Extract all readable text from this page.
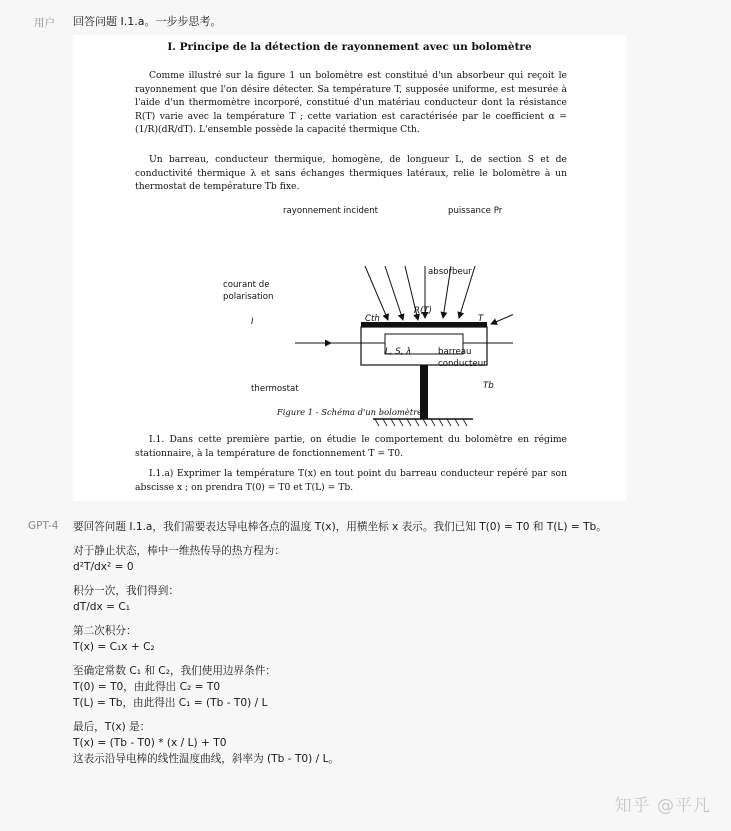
用户 回答问题 I.1.a。一步步思考。
I. Principe de la détection de rayonnement avec un bolomètre
Comme illustré sur la figure 1 un bolomètre est constitué d'un absorbeur qui reçoit le rayonnement que l'on désire détecter. Sa température T, supposée uniforme, est mesurée à l'aide d'un thermomètre incorporé, constitué d'un matériau conducteur dont la résistance R(T) varie avec la température T ; cette variation est caractérisée par le coefficient α = (1/R)(dR/dT). L'ensemble possède la capacité thermique Cth.
Un barreau, conducteur thermique, homogène, de longueur L, de section S et de conductivité thermique λ et sans échanges thermiques latéraux, relie le bolomètre à un thermostat de température Tb fixe.
rayonnement incident	puissance Pr
absorbeur
courant de
polarisation
I	Cth
R(T)
T
L, S, λ	barreau
conducteur
thermostat	Tb
Figure 1 - Schéma d'un bolomètre
I.1. Dans cette première partie, on étudie le comportement du bolomètre en régime stationnaire, à la température de fonctionnement T = T0.
I.1.a) Exprimer la température T(x) en tout point du barreau conducteur repéré par son abscisse x ; on prendra T(0) = T0 et T(L) = Tb.
GPT-4 要回答问题 I.1.a，我们需要表达导电棒各点的温度 T(x)，用横坐标 x 表示。我们已知 T(0) = T0 和 T(L) = Tb。
对于静止状态，棒中一维热传导的热方程为：
d²T/dx² = 0
积分一次，我们得到：
dT/dx = C₁
第二次积分：
T(x) = C₁x + C₂
至确定常数 C₁ 和 C₂，我们使用边界条件：
T(0) = T0，由此得出 C₂ = T0
T(L) = Tb，由此得出 C₁ = (Tb - T0) / L
最后，T(x) 是：
T(x) = (Tb - T0) * (x / L) + T0
这表示沿导电棒的线性温度曲线，斜率为 (Tb - T0) / L。
知乎 @平凡
